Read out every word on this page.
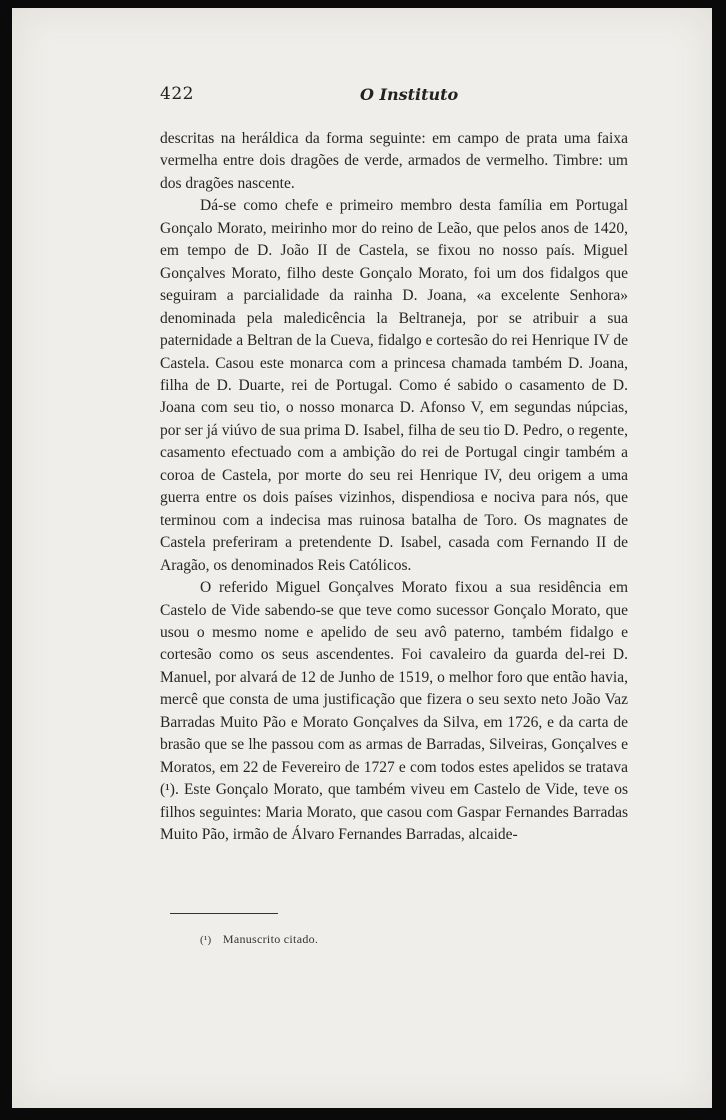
422	O Instituto

descritas na heráldica da forma seguinte: em campo de prata uma faixa vermelha entre dois dragões de verde, armados de vermelho. Timbre: um dos dragões nascente.

Dá-se como chefe e primeiro membro desta família em Portugal Gonçalo Morato, meirinho mor do reino de Leão, que pelos anos de 1420, em tempo de D. João II de Castela, se fixou no nosso país. Miguel Gonçalves Morato, filho deste Gonçalo Morato, foi um dos fidalgos que seguiram a parcialidade da rainha D. Joana, «a excelente Senhora» denominada pela maledicência la Beltraneja, por se atribuir a sua paternidade a Beltran de la Cueva, fidalgo e cortesão do rei Henrique IV de Castela. Casou este monarca com a princesa chamada também D. Joana, filha de D. Duarte, rei de Portugal. Como é sabido o casamento de D. Joana com seu tio, o nosso monarca D. Afonso V, em segundas núpcias, por ser já viúvo de sua prima D. Isabel, filha de seu tio D. Pedro, o regente, casamento efectuado com a ambição do rei de Portugal cingir também a coroa de Castela, por morte do seu rei Henrique IV, deu origem a uma guerra entre os dois países vizinhos, dispendiosa e nociva para nós, que terminou com a indecisa mas ruinosa batalha de Toro. Os magnates de Castela preferiram a pretendente D. Isabel, casada com Fernando II de Aragão, os denominados Reis Católicos.

O referido Miguel Gonçalves Morato fixou a sua residência em Castelo de Vide sabendo-se que teve como sucessor Gonçalo Morato, que usou o mesmo nome e apelido de seu avô paterno, também fidalgo e cortesão como os seus ascendentes. Foi cavaleiro da guarda del-rei D. Manuel, por alvará de 12 de Junho de 1519, o melhor foro que então havia, mercê que consta de uma justificação que fizera o seu sexto neto João Vaz Barradas Muito Pão e Morato Gonçalves da Silva, em 1726, e da carta de brasão que se lhe passou com as armas de Barradas, Silveiras, Gonçalves e Moratos, em 22 de Fevereiro de 1727 e com todos estes apelidos se tratava (¹). Este Gonçalo Morato, que também viveu em Castelo de Vide, teve os filhos seguintes: Maria Morato, que casou com Gaspar Fernandes Barradas Muito Pão, irmão de Álvaro Fernandes Barradas, alcaide-

(¹) Manuscrito citado.
